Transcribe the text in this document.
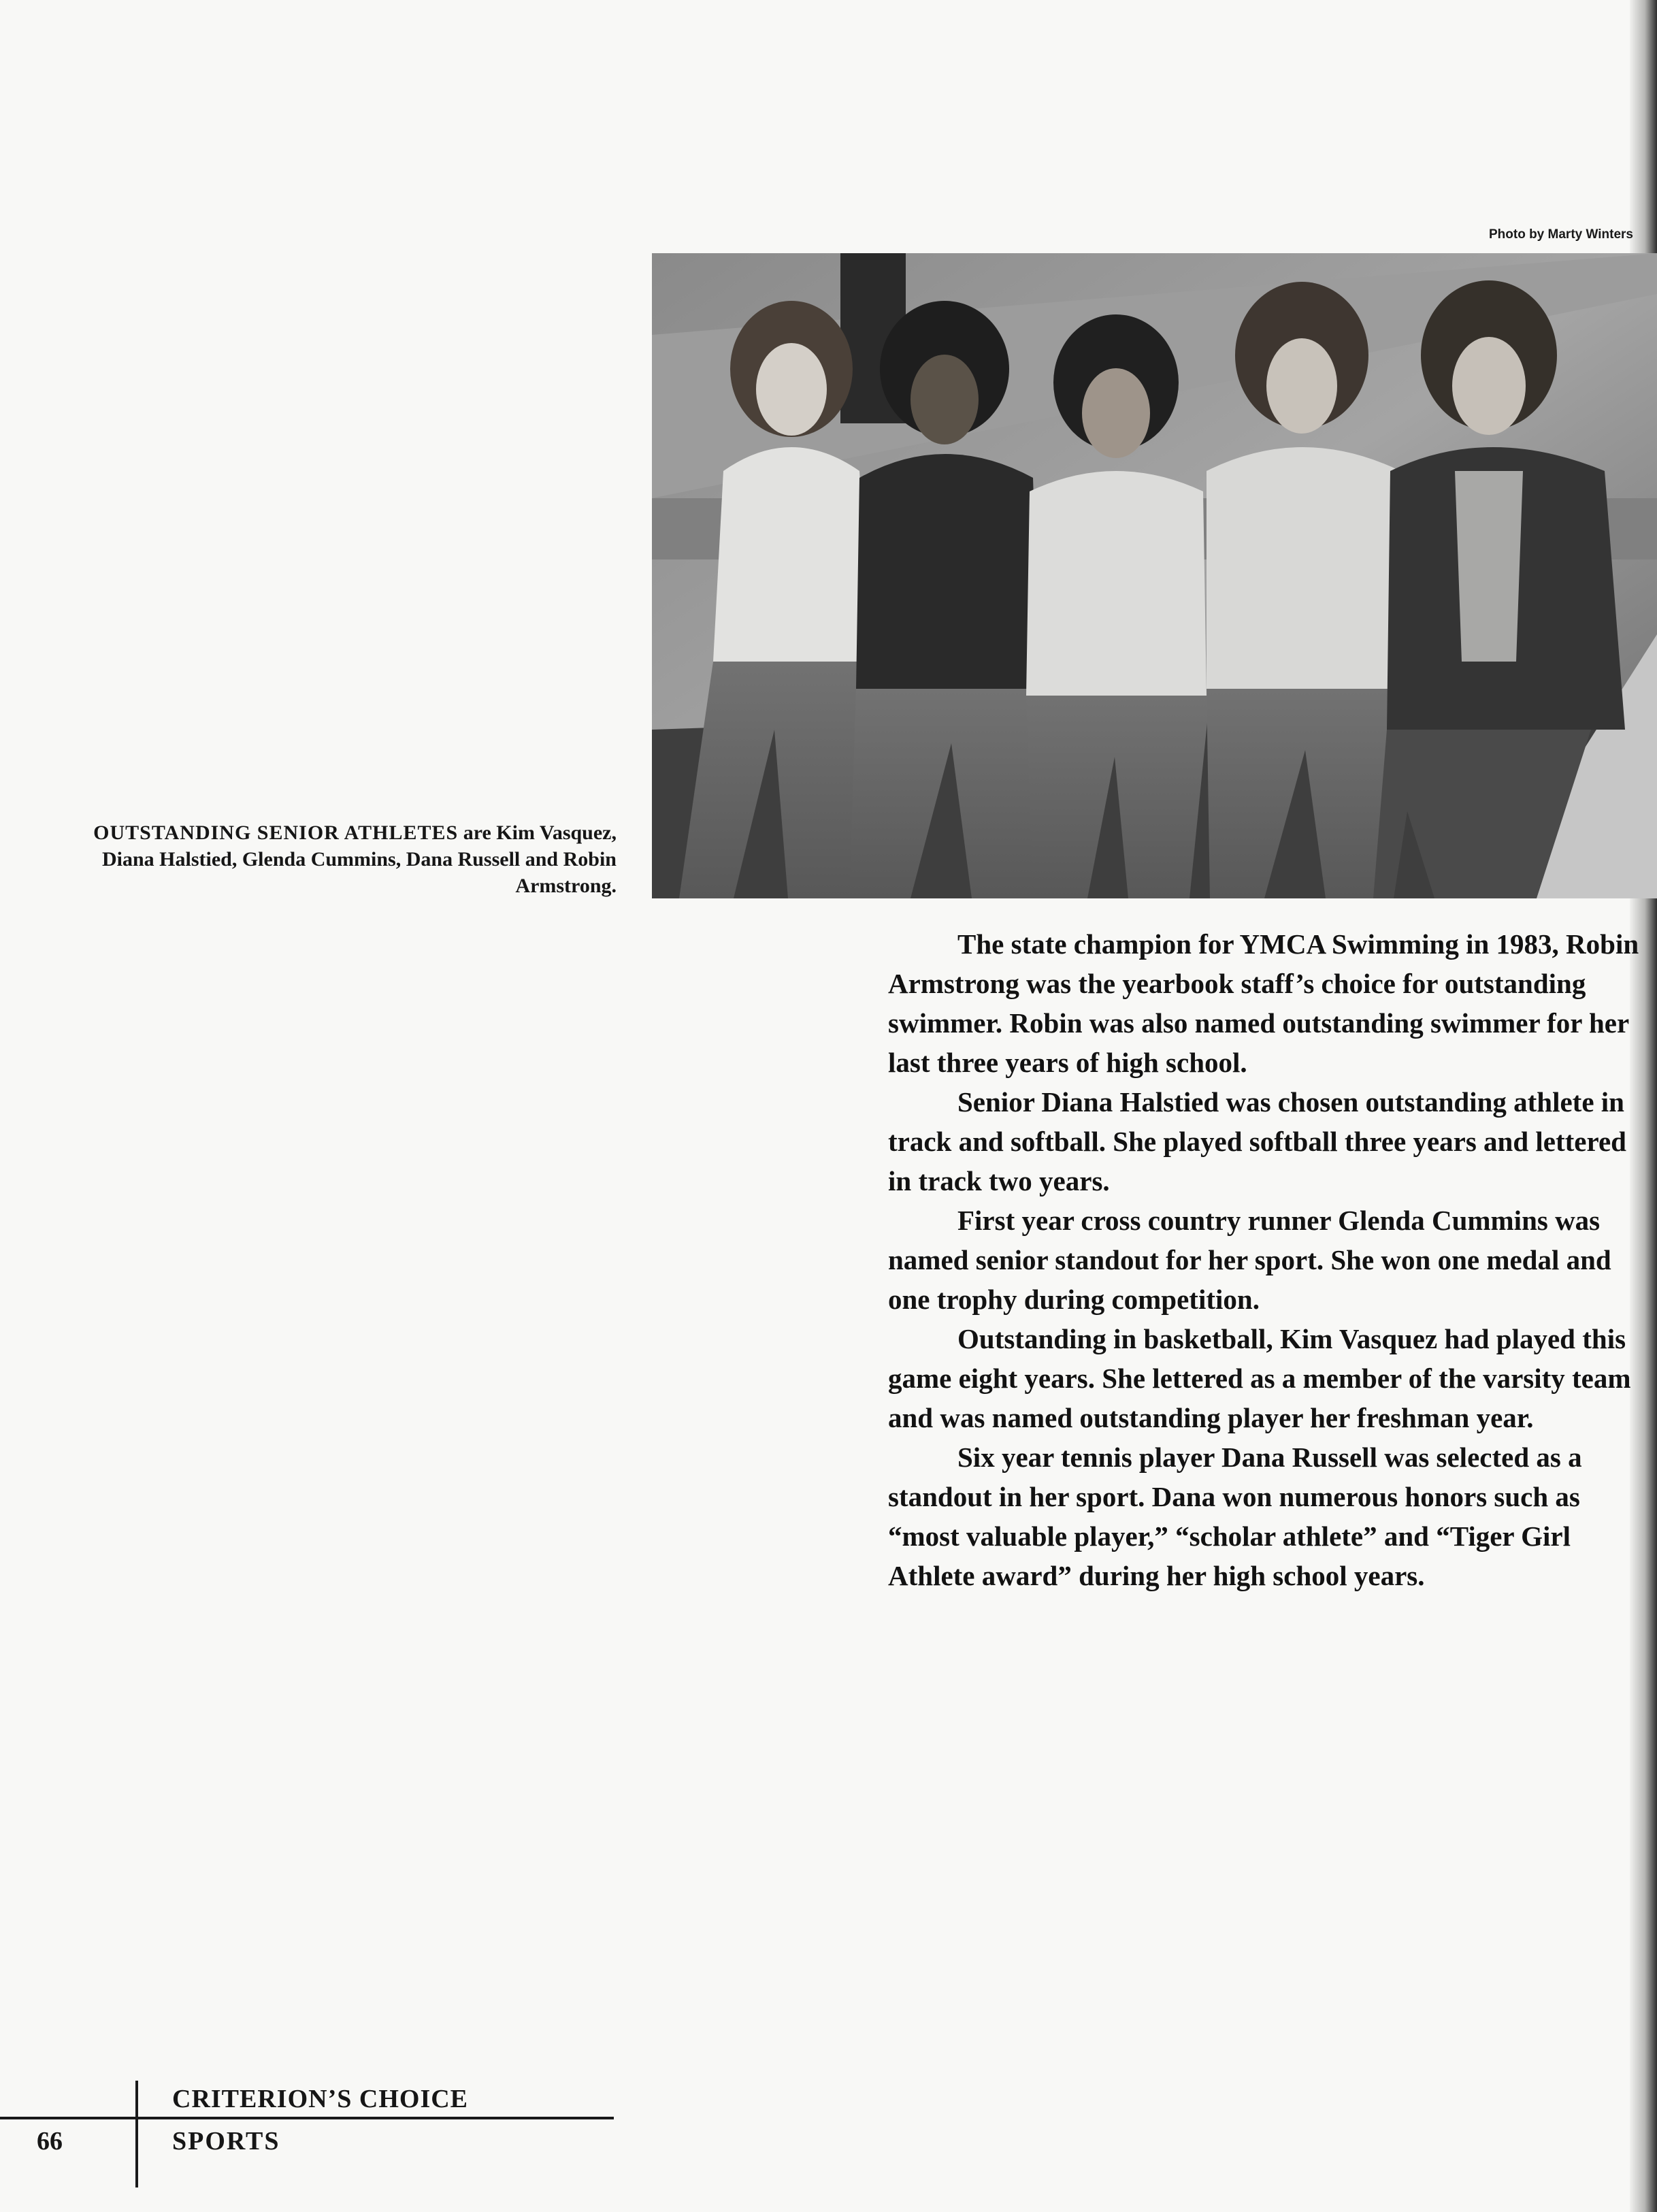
Photo by Marty Winters
OUTSTANDING SENIOR ATHLETES are Kim Vasquez, Diana Halstied, Glenda Cummins, Dana Russell and Robin Armstrong.

The state champion for YMCA Swimming in 1983, Robin Armstrong was the yearbook staff’s choice for outstanding swimmer. Robin was also named outstanding swimmer for her last three years of high school.

Senior Diana Halstied was chosen outstanding athlete in track and softball. She played softball three years and lettered in track two years.

First year cross country runner Glenda Cummins was named senior standout for her sport. She won one medal and one trophy during competition.

Outstanding in basketball, Kim Vasquez had played this game eight years. She lettered as a member of the varsity team and was named outstanding player her freshman year.

Six year tennis player Dana Russell was selected as a standout in her sport. Dana won numerous honors such as “most valuable player,” “scholar athlete” and “Tiger Girl Athlete award” during her high school years.

66
CRITERION’S CHOICE
SPORTS
